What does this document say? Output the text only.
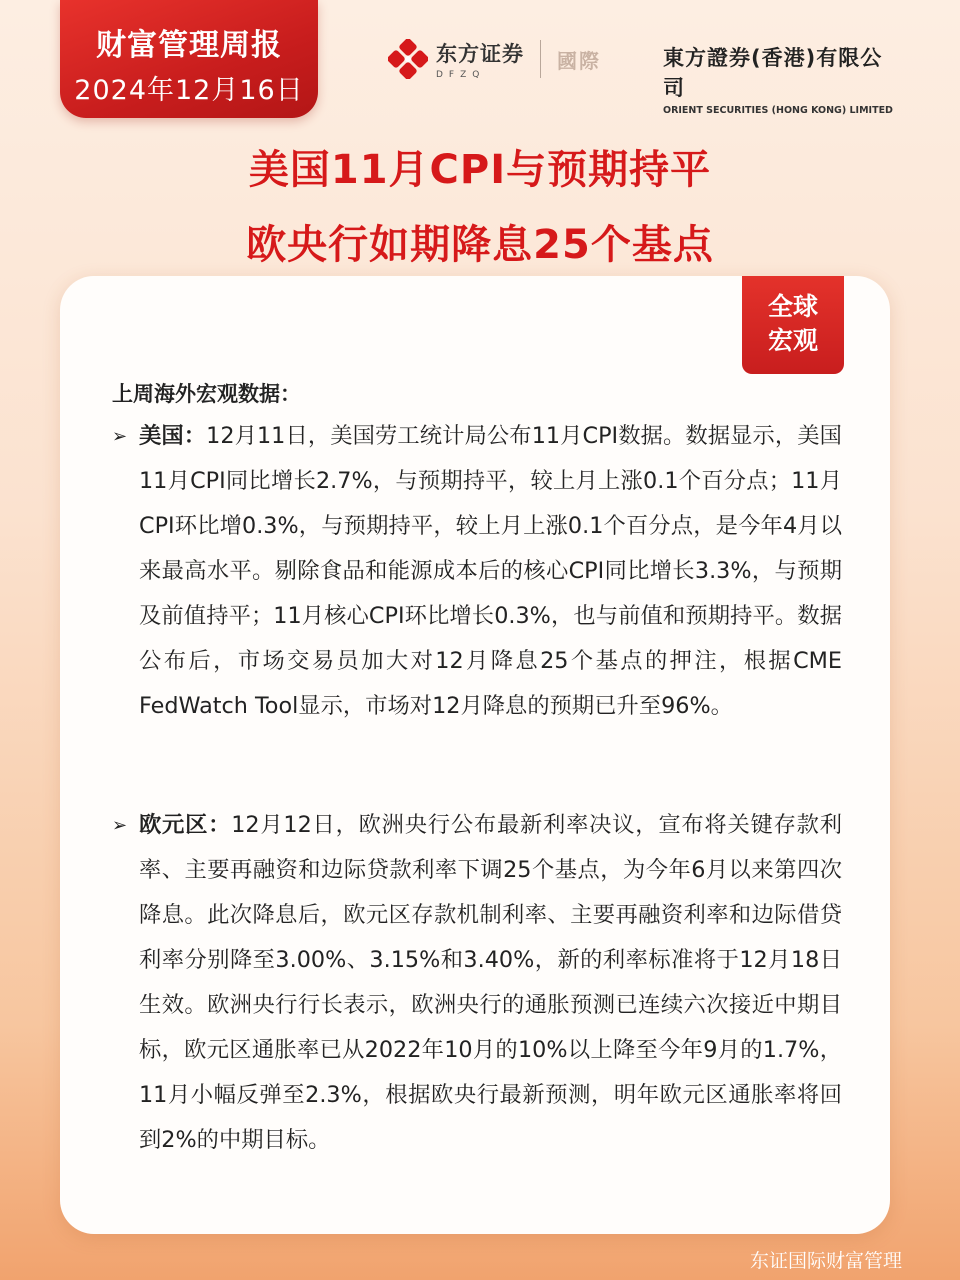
财富管理周报
2024年12月16日
东方证券
DFZQ
國際	東方證券(香港)有限公司
ORIENT SECURITIES (HONG KONG) LIMITED
美国11月CPI与预期持平
欧央行如期降息25个基点
全球
宏观
上周海外宏观数据：
➢ 美国：12月11日，美国劳工统计局公布11月CPI数据。数据显示，美国11月CPI同比增长2.7%，与预期持平，较上月上涨0.1个百分点；11月CPI环比增0.3%，与预期持平，较上月上涨0.1个百分点，是今年4月以来最高水平。剔除食品和能源成本后的核心CPI同比增长3.3%，与预期及前值持平；11月核心CPI环比增长0.3%，也与前值和预期持平。数据公布后，市场交易员加大对12月降息25个基点的押注，根据CME FedWatch Tool显示，市场对12月降息的预期已升至96%。
➢ 欧元区：12月12日，欧洲央行公布最新利率决议，宣布将关键存款利率、主要再融资和边际贷款利率下调25个基点，为今年6月以来第四次降息。此次降息后，欧元区存款机制利率、主要再融资利率和边际借贷利率分别降至3.00%、3.15%和3.40%，新的利率标准将于12月18日生效。欧洲央行行长表示，欧洲央行的通胀预测已连续六次接近中期目标，欧元区通胀率已从2022年10月的10%以上降至今年9月的1.7%，11月小幅反弹至2.3%，根据欧央行最新预测，明年欧元区通胀率将回到2%的中期目标。
东证国际财富管理
